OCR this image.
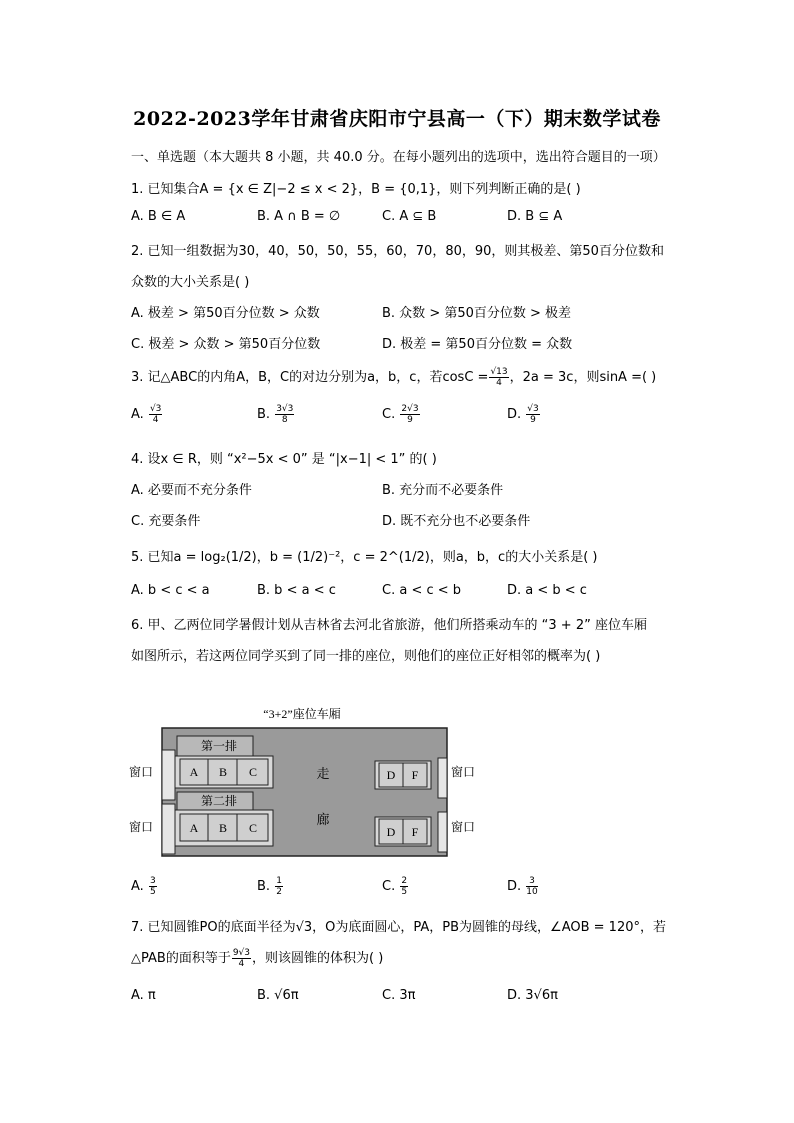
2022-2023学年甘肃省庆阳市宁县高一（下）期末数学试卷
一、单选题（本大题共 8 小题，共 40.0 分。在每小题列出的选项中，选出符合题目的一项）
1. 已知集合A = {x ∈ Z|−2 ≤ x < 2}，B = {0,1}，则下列判断正确的是( )
A. B ∈ A	B. A ∩ B = ∅	C. A ⊆ B	D. B ⊆ A
2. 已知一组数据为30，40，50，50，55，60，70，80，90，则其极差、第50百分位数和
众数的大小关系是( )
A. 极差 > 第50百分位数 > 众数	B. 众数 > 第50百分位数 > 极差
C. 极差 > 众数 > 第50百分位数	D. 极差 = 第50百分位数 = 众数
3. 记△ABC的内角A，B，C的对边分别为a，b，c，若$\cos C = \frac{√13}{4}$ ，2a = 3c，则sinA =( )
A. $\frac{√3}{4}$	B. $\frac{3√3}{8}$	C. $\frac{2√3}{9}$	D. $\frac{√3}{9}$
4. 设x ∈ R，则 “x²−5x < 0” 是 “|x−1| < 1” 的( )
A. 必要而不充分条件	B. 充分而不必要条件
C. 充要条件	D. 既不充分也不必要条件
5. 已知a = log₂(1/2)，b = (1/2)⁻²，c = 2^(1/2)，则a，b，c的大小关系是( )
A. b < c < a	B. b < a < c	C. a < c < b	D. a < b < c
6. 甲、乙两位同学暑假计划从吉林省去河北省旅游，他们所搭乘动车的 “3 + 2” 座位车厢
如图所示，若这两位同学买到了同一排的座位，则他们的座位正好相邻的概率为( )
“3+2”座位车厢
第一排
第二排
A B C
A B C
D F
D F
走
廊
窗口
窗口
窗口
窗口
A. $\frac{3}{5}$	B. $\frac{1}{2}$	C. $\frac{2}{5}$	D. $\frac{3}{10}$
7. 已知圆锥PO的底面半径为√3，O为底面圆心，PA，PB为圆锥的母线，∠AOB = 120°，若
△PAB的面积等于 $\frac{9√3}{4}$ ，则该圆锥的体积为( )
A. π	B. √6π	C. 3π	D. 3√6π
